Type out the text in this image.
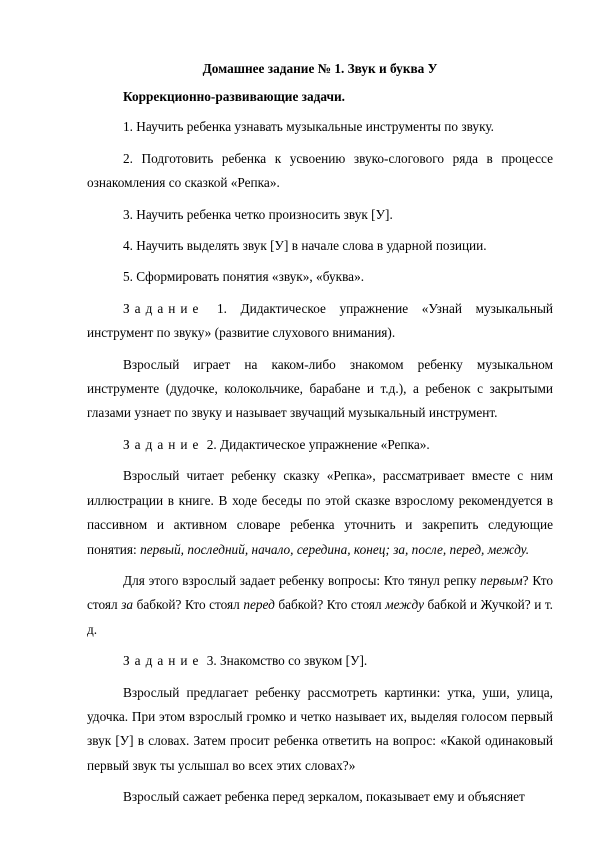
Домашнее задание № 1. Звук и буква У
Коррекционно-развивающие задачи.

1. Научить ребенка узнавать музыкальные инструменты по звуку.

2. Подготовить ребенка к усвоению звуко-слогового ряда в процессе ознакомления со сказкой «Репка».

3. Научить ребенка четко произносить звук [У].

4. Научить выделять звук [У] в начале слова в ударной позиции.

5. Сформировать понятия «звук», «буква».

Задание 1. Дидактическое упражнение «Узнай музыкальный инструмент по звуку» (развитие слухового внимания).

Взрослый играет на каком-либо знакомом ребенку музыкальном инструменте (дудочке, колокольчике, барабане и т.д.), а ребенок с закрытыми глазами узнает по звуку и называет звучащий музыкальный инструмент.

Задание 2. Дидактическое упражнение «Репка».

Взрослый читает ребенку сказку «Репка», рассматривает вместе с ним иллюстрации в книге. В ходе беседы по этой сказке взрослому рекомендуется в пассивном и активном словаре ребенка уточнить и закрепить следующие понятия: первый, последний, начало, середина, конец; за, после, перед, между.

Для этого взрослый задает ребенку вопросы: Кто тянул репку первым? Кто стоял за бабкой? Кто стоял перед бабкой? Кто стоял между бабкой и Жучкой? и т. д.

Задание 3. Знакомство со звуком [У].

Взрослый предлагает ребенку рассмотреть картинки: утка, уши, улица, удочка. При этом взрослый громко и четко называет их, выделяя голосом первый звук [У] в словах. Затем просит ребенка ответить на вопрос: «Какой одинаковый первый звук ты услышал во всех этих словах?»

Взрослый сажает ребенка перед зеркалом, показывает ему и объясняет
